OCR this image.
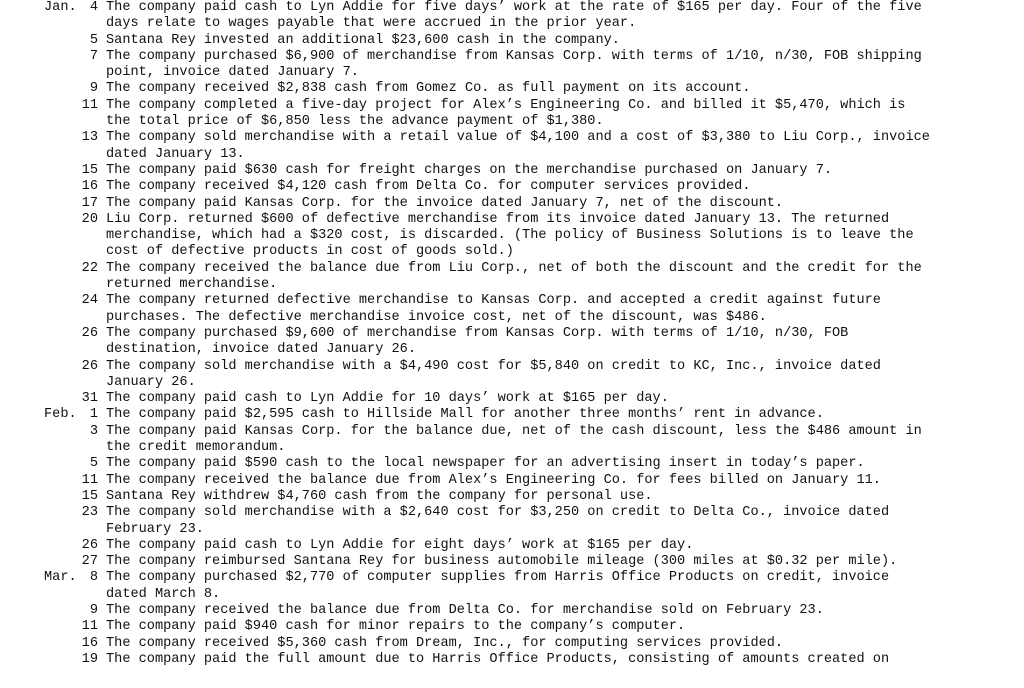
Jan. 4 The company paid cash to Lyn Addie for five days’ work at the rate of $165 per day. Four of the five
days relate to wages payable that were accrued in the prior year.
5 Santana Rey invested an additional $23,600 cash in the company.
7 The company purchased $6,900 of merchandise from Kansas Corp. with terms of 1/10, n/30, FOB shipping
point, invoice dated January 7.
9 The company received $2,838 cash from Gomez Co. as full payment on its account.
11 The company completed a five-day project for Alex’s Engineering Co. and billed it $5,470, which is
the total price of $6,850 less the advance payment of $1,380.
13 The company sold merchandise with a retail value of $4,100 and a cost of $3,380 to Liu Corp., invoice
dated January 13.
15 The company paid $630 cash for freight charges on the merchandise purchased on January 7.
16 The company received $4,120 cash from Delta Co. for computer services provided.
17 The company paid Kansas Corp. for the invoice dated January 7, net of the discount.
20 Liu Corp. returned $600 of defective merchandise from its invoice dated January 13. The returned
merchandise, which had a $320 cost, is discarded. (The policy of Business Solutions is to leave the
cost of defective products in cost of goods sold.)
22 The company received the balance due from Liu Corp., net of both the discount and the credit for the
returned merchandise.
24 The company returned defective merchandise to Kansas Corp. and accepted a credit against future
purchases. The defective merchandise invoice cost, net of the discount, was $486.
26 The company purchased $9,600 of merchandise from Kansas Corp. with terms of 1/10, n/30, FOB
destination, invoice dated January 26.
26 The company sold merchandise with a $4,490 cost for $5,840 on credit to KC, Inc., invoice dated
January 26.
31 The company paid cash to Lyn Addie for 10 days’ work at $165 per day.
Feb. 1 The company paid $2,595 cash to Hillside Mall for another three months’ rent in advance.
3 The company paid Kansas Corp. for the balance due, net of the cash discount, less the $486 amount in
the credit memorandum.
5 The company paid $590 cash to the local newspaper for an advertising insert in today’s paper.
11 The company received the balance due from Alex’s Engineering Co. for fees billed on January 11.
15 Santana Rey withdrew $4,760 cash from the company for personal use.
23 The company sold merchandise with a $2,640 cost for $3,250 on credit to Delta Co., invoice dated
February 23.
26 The company paid cash to Lyn Addie for eight days’ work at $165 per day.
27 The company reimbursed Santana Rey for business automobile mileage (300 miles at $0.32 per mile).
Mar. 8 The company purchased $2,770 of computer supplies from Harris Office Products on credit, invoice
dated March 8.
9 The company received the balance due from Delta Co. for merchandise sold on February 23.
11 The company paid $940 cash for minor repairs to the company’s computer.
16 The company received $5,360 cash from Dream, Inc., for computing services provided.
19 The company paid the full amount due to Harris Office Products, consisting of amounts created on
